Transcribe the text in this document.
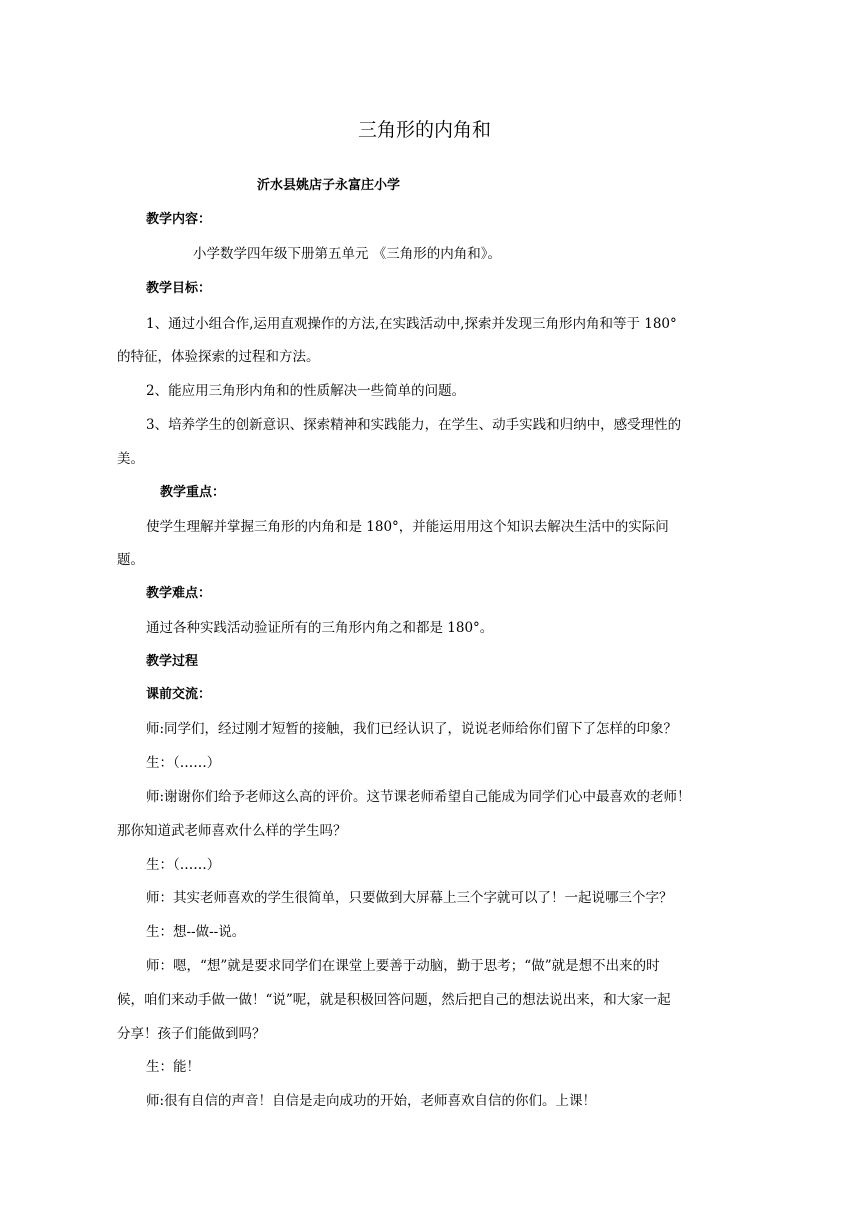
三角形的内角和
沂水县姚店子永富庄小学
教学内容：
小学数学四年级下册第五单元 《三角形的内角和》。
教学目标：
1、通过小组合作,运用直观操作的方法,在实践活动中,探索并发现三角形内角和等于 180°
的特征，体验探索的过程和方法。
2、能应用三角形内角和的性质解决一些简单的问题。
3、培养学生的创新意识、探索精神和实践能力，在学生、动手实践和归纳中，感受理性的
美。
教学重点：
使学生理解并掌握三角形的内角和是 180°，并能运用用这个知识去解决生活中的实际问
题。
教学难点：
通过各种实践活动验证所有的三角形内角之和都是 180°。
教学过程
课前交流：
师:同学们，经过刚才短暂的接触，我们已经认识了，说说老师给你们留下了怎样的印象？
生：（……）
师:谢谢你们给予老师这么高的评价。这节课老师希望自己能成为同学们心中最喜欢的老师！
那你知道武老师喜欢什么样的学生吗？
生：（……）
师：其实老师喜欢的学生很简单，只要做到大屏幕上三个字就可以了！一起说哪三个字？
生：想--做--说。
师：嗯，“想”就是要求同学们在课堂上要善于动脑，勤于思考；“做”就是想不出来的时
候，咱们来动手做一做！“说”呢，就是积极回答问题，然后把自己的想法说出来，和大家一起
分享！孩子们能做到吗？
生：能！
师:很有自信的声音！自信是走向成功的开始，老师喜欢自信的你们。上课！
